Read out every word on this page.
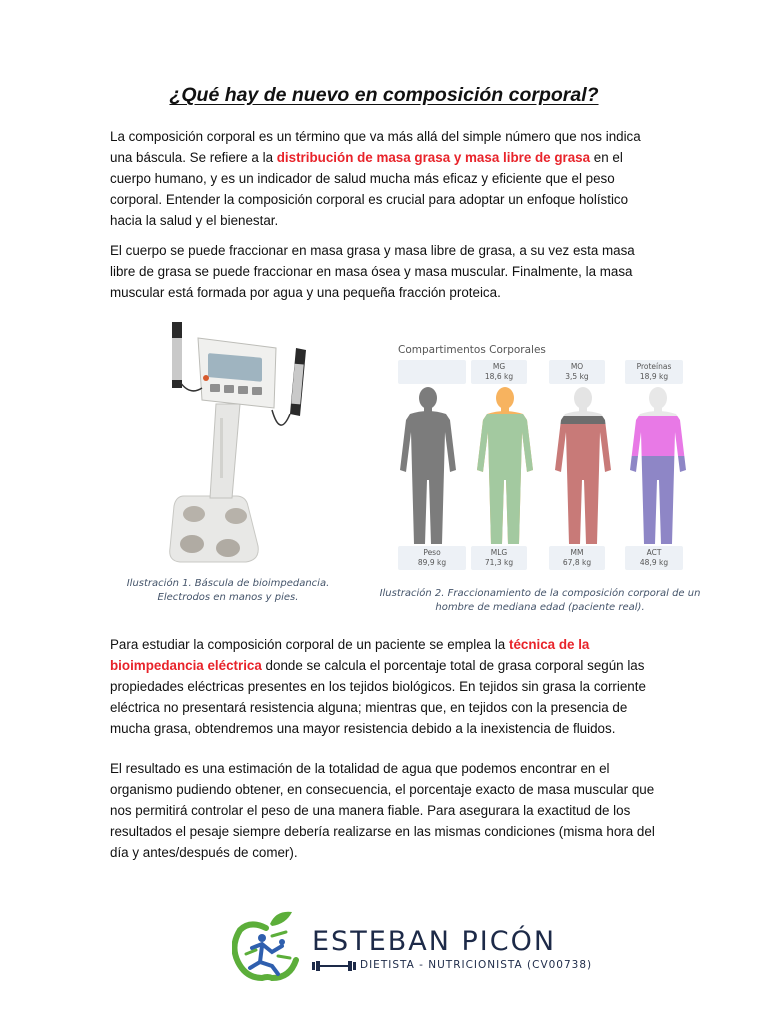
¿Qué hay de nuevo en composición corporal?

La composición corporal es un término que va más allá del simple número que nos indica una báscula. Se refiere a la distribución de masa grasa y masa libre de grasa en el cuerpo humano, y es un indicador de salud mucha más eficaz y eficiente que el peso corporal. Entender la composición corporal es crucial para adoptar un enfoque holístico hacia la salud y el bienestar.

El cuerpo se puede fraccionar en masa grasa y masa libre de grasa, a su vez esta masa libre de grasa se puede fraccionar en masa ósea y masa muscular. Finalmente, la masa muscular está formada por agua y una pequeña fracción proteica.

Ilustración 1. Báscula de bioimpedancia.
Electrodos en manos y pies.
Compartimentos Corporales
MG
18,6 kg
MO
3,5 kg
Proteínas
18,9 kg
Peso
89,9 kg
MLG
71,3 kg
MM
67,8 kg
ACT
48,9 kg
Ilustración 2. Fraccionamiento de la composición corporal de un
hombre de mediana edad (paciente real).

Para estudiar la composición corporal de un paciente se emplea la técnica de la bioimpedancia eléctrica donde se calcula el porcentaje total de grasa corporal según las propiedades eléctricas presentes en los tejidos biológicos. En tejidos sin grasa la corriente eléctrica no presentará resistencia alguna; mientras que, en tejidos con la presencia de mucha grasa, obtendremos una mayor resistencia debido a la inexistencia de fluidos.

El resultado es una estimación de la totalidad de agua que podemos encontrar en el organismo pudiendo obtener, en consecuencia, el porcentaje exacto de masa muscular que nos permitirá controlar el peso de una manera fiable. Para asegurara la exactitud de los resultados el pesaje siempre debería realizarse en las mismas condiciones (misma hora del día y antes/después de comer).

ESTEBAN PICÓN
DIETISTA - NUTRICIONISTA (CV00738)
